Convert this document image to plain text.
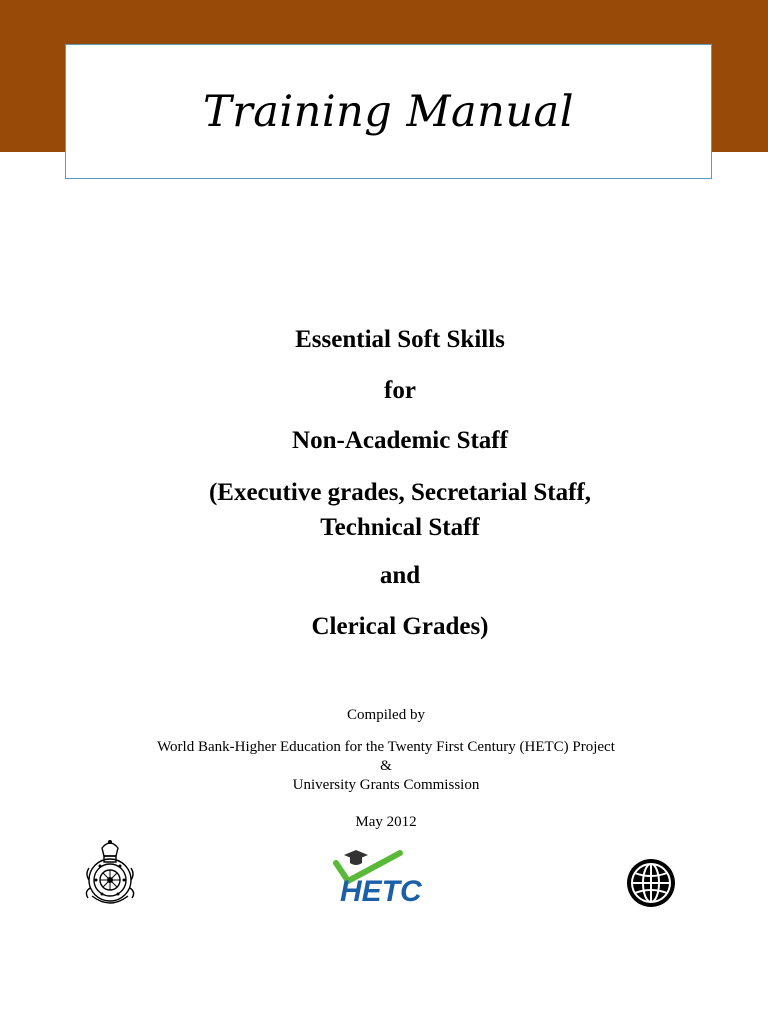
Training Manual
Essential Soft Skills
for
Non-Academic Staff
(Executive grades, Secretarial Staff,
Technical Staff
and
Clerical Grades)
Compiled by
World Bank-Higher Education for the Twenty First Century (HETC) Project
&
University Grants Commission
May 2012
HETC
